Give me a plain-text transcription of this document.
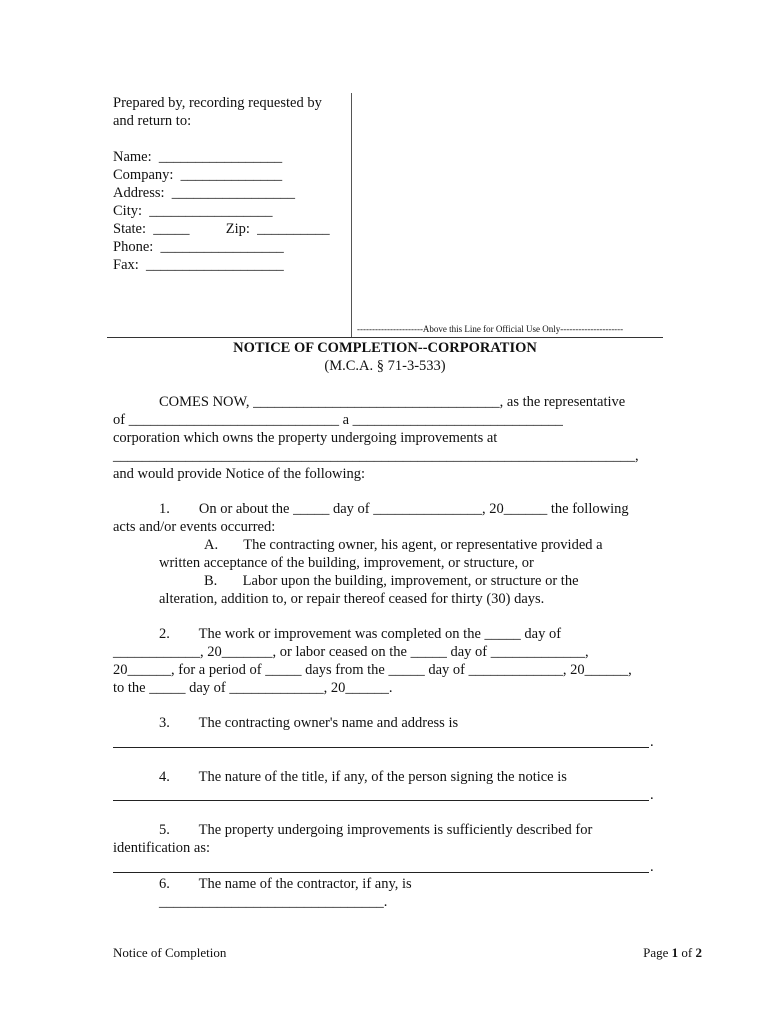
Prepared by, recording requested by
and return to:
Name:  _________________
Company:  ______________
Address:  _________________
City:  _________________
State:  _____          Zip:  __________
Phone:  _________________
Fax:  ___________________
----------------------Above this Line for Official Use Only---------------------
NOTICE OF COMPLETION--CORPORATION
(M.C.A. § 71-3-533)
COMES NOW, __________________________________, as the representative
of _____________________________ a _____________________________
corporation which owns the property undergoing improvements at
________________________________________________________________________,
and would provide Notice of the following:
1.        On or about the _____ day of _______________, 20______ the following
acts and/or events occurred:
A.       The contracting owner, his agent, or representative provided a
written acceptance of the building, improvement, or structure, or
B.       Labor upon the building, improvement, or structure or the
alteration, addition to, or repair thereof ceased for thirty (30) days.
2.        The work or improvement was completed on the _____ day of
____________, 20_______, or labor ceased on the _____ day of _____________,
20______, for a period of _____ days from the _____ day of _____________, 20______,
to the _____ day of _____________, 20______.
3.        The contracting owner's name and address is
.
4.        The nature of the title, if any, of the person signing the notice is
.
5.        The property undergoing improvements is sufficiently described for
identification as:
.
6.        The name of the contractor, if any, is
_______________________________.
Notice of Completion	Page 1 of 2
